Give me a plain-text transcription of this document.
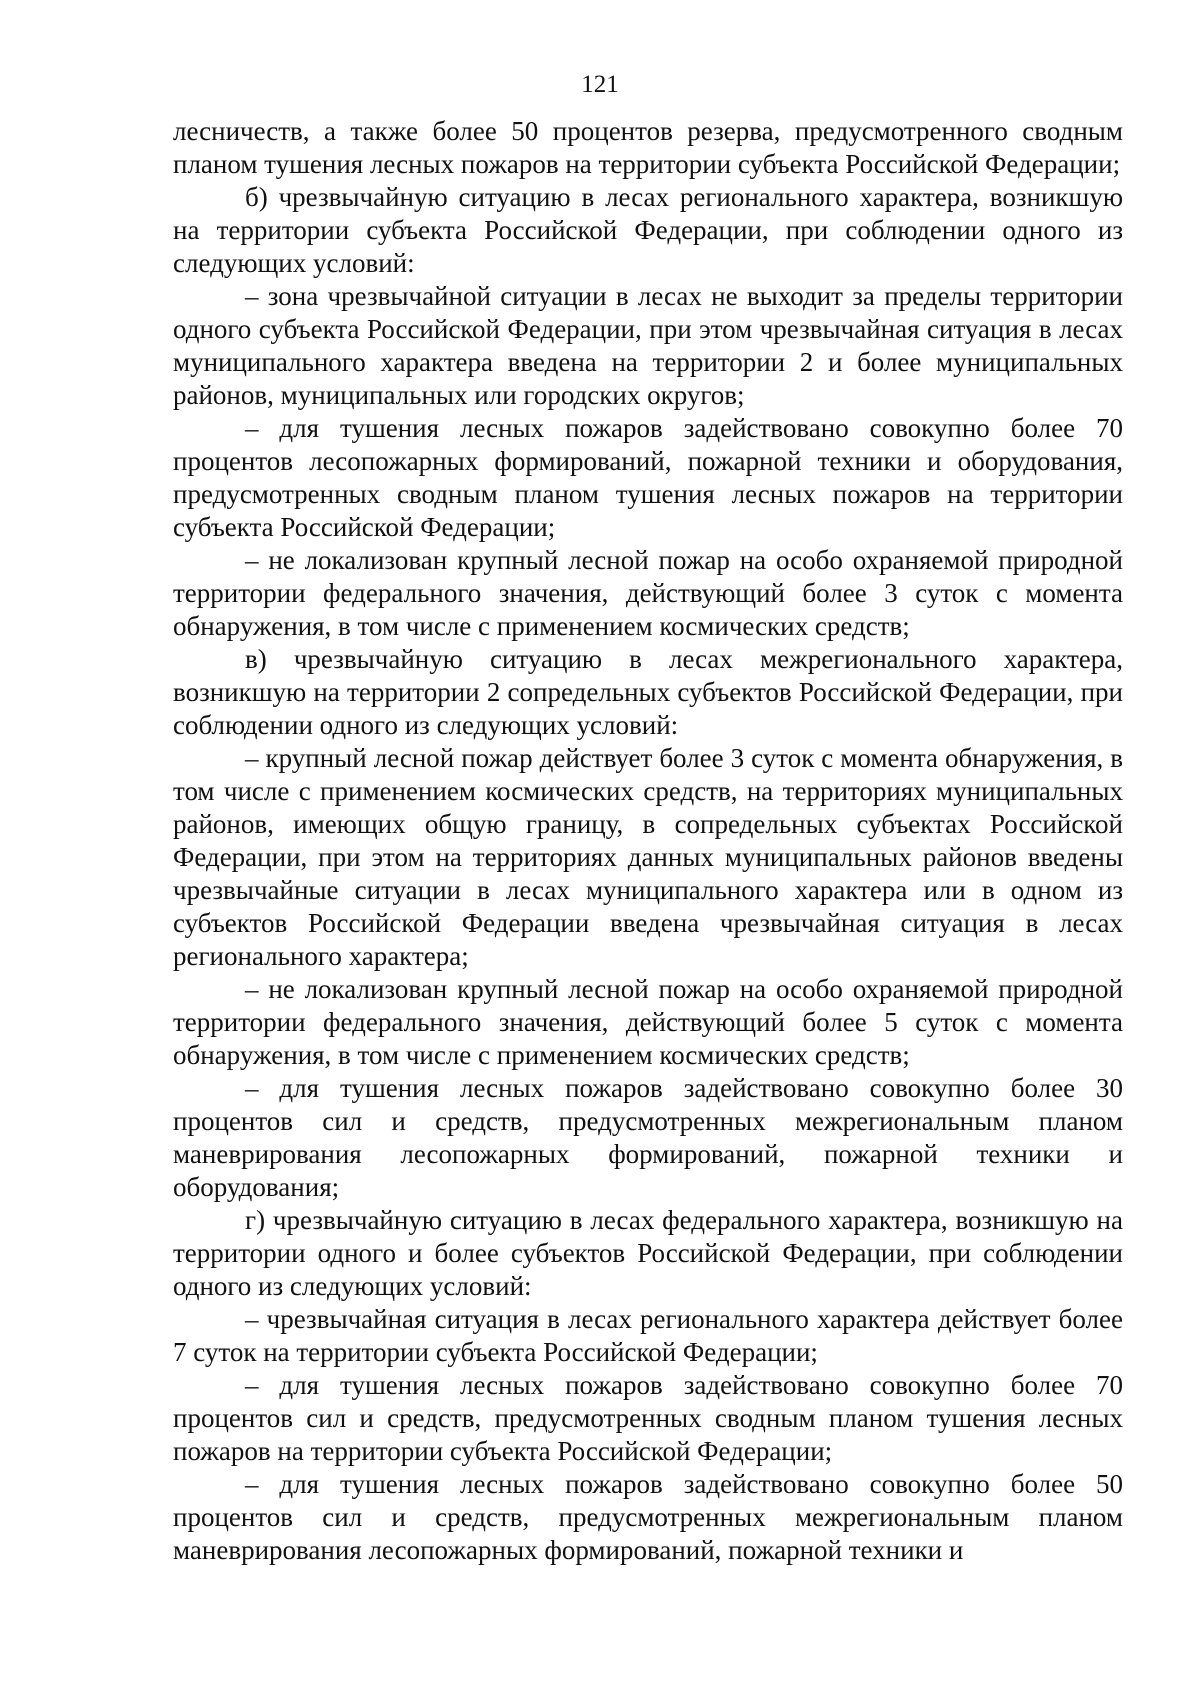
121

лесничеств, а также более 50 процентов резерва, предусмотренного сводным планом тушения лесных пожаров на территории субъекта Российской Федерации;

б) чрезвычайную ситуацию в лесах регионального характера, возникшую на территории субъекта Российской Федерации, при соблюдении одного из следующих условий:

– зона чрезвычайной ситуации в лесах не выходит за пределы территории одного субъекта Российской Федерации, при этом чрезвычайная ситуация в лесах муниципального характера введена на территории 2 и более муниципальных районов, муниципальных или городских округов;

– для тушения лесных пожаров задействовано совокупно более 70 процентов лесопожарных формирований, пожарной техники и оборудования, предусмотренных сводным планом тушения лесных пожаров на территории субъекта Российской Федерации;

– не локализован крупный лесной пожар на особо охраняемой природной территории федерального значения, действующий более 3 суток с момента обнаружения, в том числе с применением космических средств;

в) чрезвычайную ситуацию в лесах межрегионального характера, возникшую на территории 2 сопредельных субъектов Российской Федерации, при соблюдении одного из следующих условий:

– крупный лесной пожар действует более 3 суток с момента обнаружения, в том числе с применением космических средств, на территориях муниципальных районов, имеющих общую границу, в сопредельных субъектах Российской Федерации, при этом на территориях данных муниципальных районов введены чрезвычайные ситуации в лесах муниципального характера или в одном из субъектов Российской Федерации введена чрезвычайная ситуация в лесах регионального характера;

– не локализован крупный лесной пожар на особо охраняемой природной территории федерального значения, действующий более 5 суток с момента обнаружения, в том числе с применением космических средств;

– для тушения лесных пожаров задействовано совокупно более 30 процентов сил и средств, предусмотренных межрегиональным планом маневрирования лесопожарных формирований, пожарной техники и оборудования;

г) чрезвычайную ситуацию в лесах федерального характера, возникшую на территории одного и более субъектов Российской Федерации, при соблюдении одного из следующих условий:

– чрезвычайная ситуация в лесах регионального характера действует более 7 суток на территории субъекта Российской Федерации;

– для тушения лесных пожаров задействовано совокупно более 70 процентов сил и средств, предусмотренных сводным планом тушения лесных пожаров на территории субъекта Российской Федерации;

– для тушения лесных пожаров задействовано совокупно более 50 процентов сил и средств, предусмотренных межрегиональным планом маневрирования лесопожарных формирований, пожарной техники и
